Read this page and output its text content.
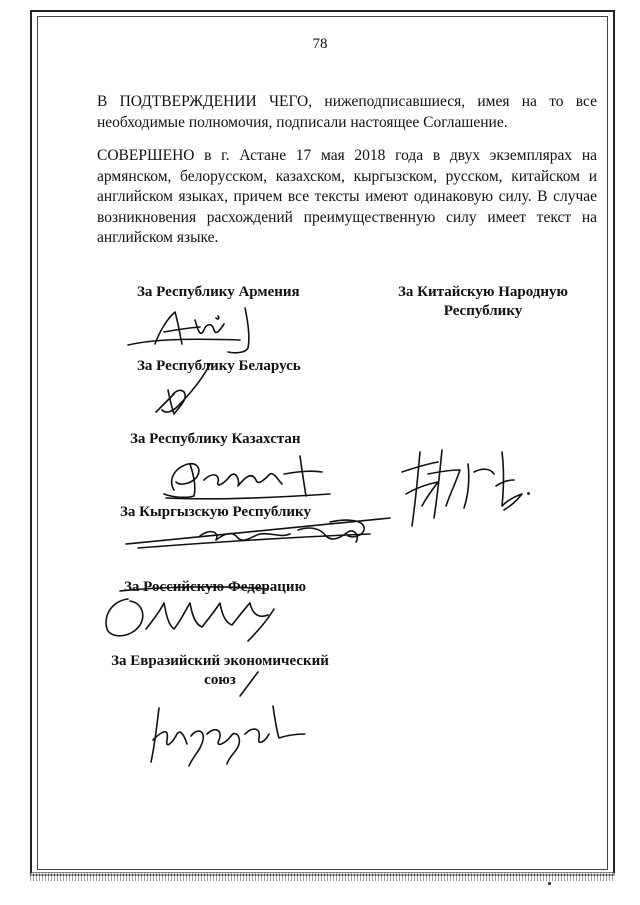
78

В ПОДТВЕРЖДЕНИИ ЧЕГО, нижеподписавшиеся, имея на то все необходимые полномочия, подписали настоящее Соглашение.

СОВЕРШЕНО в г. Астане 17 мая 2018 года в двух экземплярах на армянском, белорусском, казахском, кыргызском, русском, китайском и английском языках, причем все тексты имеют одинаковую силу. В случае возникновения расхождений преимущественную силу имеет текст на английском языке.

За Республику Армения
За Республику Беларусь
За Республику Казахстан
За Кыргызскую Республику
За Российскую Федерацию
За Евразийский экономический
союз
За Китайскую Народную
Республику
